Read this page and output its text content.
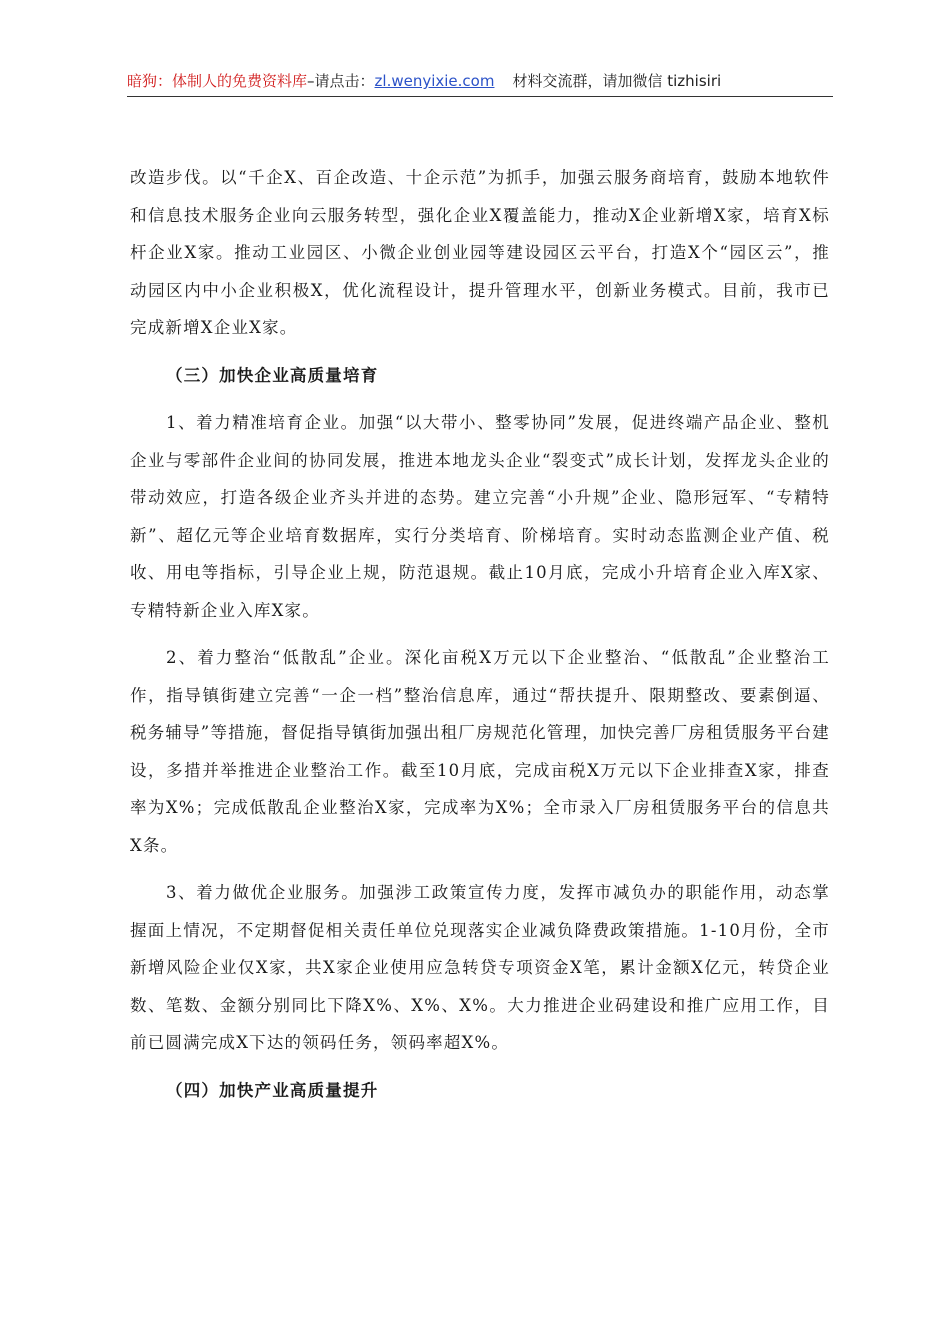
暗狗：体制人的免费资料库–请点击：zl.wenyixie.com 材料交流群，请加微信 tizhisiri

改造步伐。以“千企X、百企改造、十企示范”为抓手，加强云服务商培育，鼓励本地软件和信息技术服务企业向云服务转型，强化企业X覆盖能力，推动X企业新增X家，培育X标杆企业X家。推动工业园区、小微企业创业园等建设园区云平台，打造X个“园区云”，推动园区内中小企业积极X，优化流程设计，提升管理水平，创新业务模式。目前，我市已完成新增X企业X家。

（三）加快企业高质量培育

1、着力精准培育企业。加强“以大带小、整零协同”发展，促进终端产品企业、整机企业与零部件企业间的协同发展，推进本地龙头企业“裂变式”成长计划，发挥龙头企业的带动效应，打造各级企业齐头并进的态势。建立完善“小升规”企业、隐形冠军、“专精特新”、超亿元等企业培育数据库，实行分类培育、阶梯培育。实时动态监测企业产值、税收、用电等指标，引导企业上规，防范退规。截止10月底，完成小升培育企业入库X家、专精特新企业入库X家。

2、着力整治“低散乱”企业。深化亩税X万元以下企业整治、“低散乱”企业整治工作，指导镇街建立完善“一企一档”整治信息库，通过“帮扶提升、限期整改、要素倒逼、税务辅导”等措施，督促指导镇街加强出租厂房规范化管理，加快完善厂房租赁服务平台建设，多措并举推进企业整治工作。截至10月底，完成亩税X万元以下企业排查X家，排查率为X%；完成低散乱企业整治X家，完成率为X%；全市录入厂房租赁服务平台的信息共X条。

3、着力做优企业服务。加强涉工政策宣传力度，发挥市减负办的职能作用，动态掌握面上情况，不定期督促相关责任单位兑现落实企业减负降费政策措施。1-10月份，全市新增风险企业仅X家，共X家企业使用应急转贷专项资金X笔，累计金额X亿元，转贷企业数、笔数、金额分别同比下降X%、X%、X%。大力推进企业码建设和推广应用工作，目前已圆满完成X下达的领码任务，领码率超X%。

（四）加快产业高质量提升
